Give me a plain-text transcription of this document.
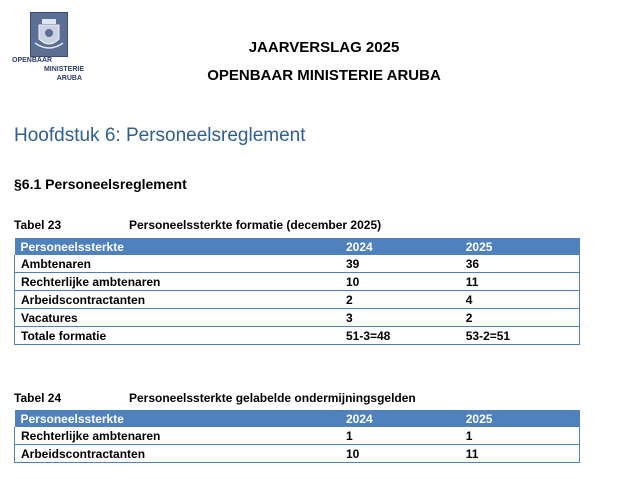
OPENBAAR
MINISTERIE
ARUBA
JAARVERSLAG 2025
OPENBAAR MINISTERIE ARUBA
Hoofdstuk 6: Personeelsreglement
§6.1 Personeelsreglement
Tabel 23	Personeelssterkte formatie (december 2025)
Personeelssterkte	2024	2025
Ambtenaren	39	36
Rechterlijke ambtenaren	10	11
Arbeidscontractanten	2	4
Vacatures	3	2
Totale formatie	51-3=48	53-2=51
Tabel 24	Personeelssterkte gelabelde ondermijningsgelden
Personeelssterkte	2024	2025
Rechterlijke ambtenaren	1	1
Arbeidscontractanten	10	11
